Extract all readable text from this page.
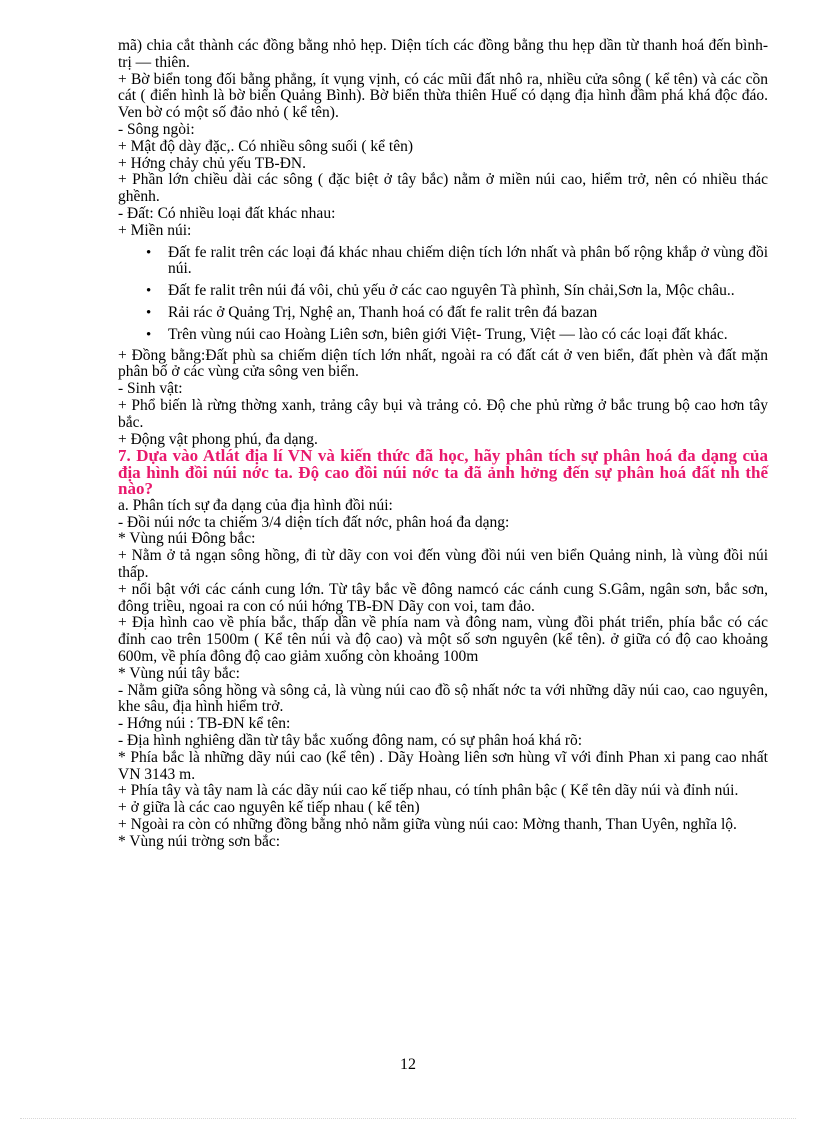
mã) chia cắt thành các đồng bằng nhỏ hẹp. Diện tích các đồng bằng thu hẹp dần từ thanh hoá đến bình- trị — thiên.

+ Bờ biển tong đối bằng phẳng, ít vụng vịnh, có các mũi đất nhô ra, nhiều cửa sông ( kể tên) và các cồn cát ( điển hình là bờ biển Quảng Bình). Bờ biển thừa thiên Huế có dạng địa hình đầm phá khá độc đáo. Ven bờ có một số đảo nhỏ ( kể tên).

- Sông ngòi:

+ Mật độ dày đặc,. Có nhiều sông suối ( kể tên)

+ Hớng chảy chủ yếu TB-ĐN.

+ Phần lớn chiều dài các sông ( đặc biệt ở tây bắc) nằm ở miền núi cao, hiểm trở, nên có nhiều thác ghềnh.

- Đất: Có nhiều loại đất khác nhau:

+ Miền núi:

• Đất fe ralit trên các loại đá khác nhau chiếm diện tích lớn nhất và phân bố rộng khắp ở vùng đồi núi.
• Đất fe ralit trên núi đá vôi, chủ yếu ở các cao nguyên Tà phình, Sín chải,Sơn la, Mộc châu..
• Rải rác ở Quảng Trị, Nghệ an, Thanh hoá có đất fe ralit trên đá bazan
• Trên vùng núi cao Hoàng Liên sơn, biên giới Việt- Trung, Việt — lào có các loại đất khác.

+ Đồng bằng:Đất phù sa chiếm diện tích lớn nhất, ngoài ra có đất cát ở ven biển, đất phèn và đất mặn phân bố ở các vùng cửa sông ven biển.

- Sinh vật:

+ Phổ biến là rừng thờng xanh, trảng cây bụi và trảng cỏ. Độ che phủ rừng ở bắc trung bộ cao hơn tây bắc.

+ Động vật phong phú, đa dạng.

7. Dựa vào Atlát địa lí VN và kiến thức đã học, hãy phân tích sự phân hoá đa dạng của địa hình đồi núi nớc ta. Độ cao đồi núi nớc ta đã ảnh hởng đến sự phân hoá đất nh thế nào?

a. Phân tích sự đa dạng của địa hình đồi núi:

- Đồi núi nớc ta chiếm 3/4 diện tích đất nớc, phân hoá đa dạng:

* Vùng núi Đông bắc:

+ Nằm ở tả ngạn sông hồng, đi từ dãy con voi đến vùng đồi núi ven biển Quảng ninh, là vùng đồi núi thấp.

+ nổi bật với các cánh cung lớn. Từ tây bắc về đông namcó các cánh cung S.Gâm, ngân sơn, bắc sơn, đông triều, ngoai ra con có núi hớng TB-ĐN Dãy con voi, tam đảo.

+ Địa hình cao về phía bắc, thấp dần về phía nam và đông nam, vùng đồi phát triển, phía bắc có các đỉnh cao trên 1500m ( Kể tên núi và độ cao) và một số sơn nguyên (kể tên). ở giữa có độ cao khoảng 600m, về phía đông độ cao giảm xuống còn khoảng 100m

* Vùng núi tây bắc:

- Nằm giữa sông hồng và sông cả, là vùng núi cao đồ sộ nhất nớc ta với những dãy núi cao, cao nguyên, khe sâu, địa hình hiểm trở.

- Hớng núi : TB-ĐN kể tên:

- Địa hình nghiêng dần từ tây bắc xuống đông nam, có sự phân hoá khá rõ:

* Phía bắc là những dãy núi cao (kể tên) . Dãy Hoàng liên sơn hùng vĩ với đỉnh Phan xi pang cao nhất VN 3143 m.

+ Phía tây và tây nam là các dãy núi cao kế tiếp nhau, có tính phân bậc ( Kể tên dãy núi và đỉnh núi.

+ ở giữa là các cao nguyên kế tiếp nhau ( kể tên)

+ Ngoài ra còn có những đồng bằng nhỏ nằm giữa vùng núi cao: Mờng thanh, Than Uyên, nghĩa lộ.

* Vùng núi trờng sơn bắc:

12
